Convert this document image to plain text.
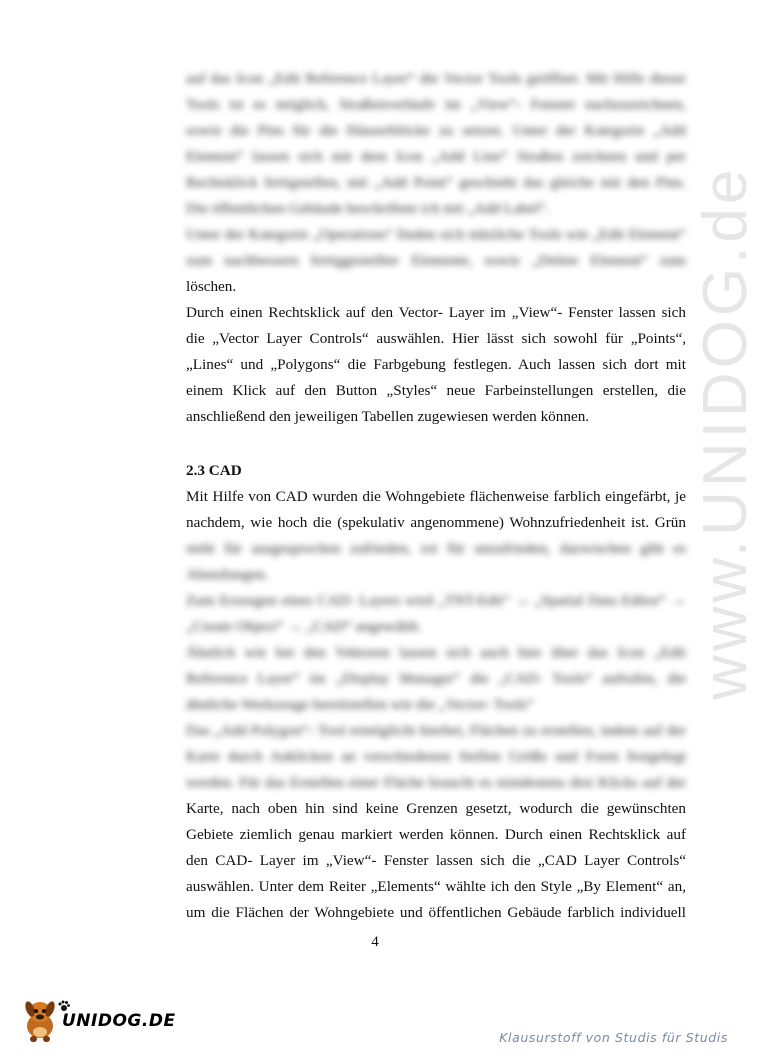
www.UNIDOG.de
auf das Icon „Edit Reference Layer“ die Vector Tools geöffnet. Mit Hilfe dieser
Tools ist es möglich, Straßenverläufe im „View“- Fenster nachzuzeichnen,
sowie die Pins für die Häuserblöcke zu setzen. Unter der Kategorie „Add
Element“ lassen sich mit dem Icon „Add Line“ Straßen zeichnen und per
Rechtsklick fertigstellen, mit „Add Point“ geschieht das gleiche mit den Pins.
Die öffentlichen Gebäude beschriftete ich mit „Add Label“.
Unter der Kategorie „Operations“ finden sich nützliche Tools wie „Edit Element“
zum nachbessern fertiggestellter Elemente, sowie „Delete Element“ zum
löschen.
Durch einen Rechtsklick auf den Vector- Layer im „View“- Fenster lassen sich
die „Vector Layer Controls“ auswählen. Hier lässt sich sowohl für „Points“,
„Lines“ und „Polygons“ die Farbgebung festlegen. Auch lassen sich dort mit
einem Klick auf den Button „Styles“ neue Farbeinstellungen erstellen, die
anschließend den jeweiligen Tabellen zugewiesen werden können.
2.3 CAD
Mit Hilfe von CAD wurden die Wohngebiete flächenweise farblich eingefärbt, je
nachdem, wie hoch die (spekulativ angenommene) Wohnzufriedenheit ist. Grün
steht für ausgesprochen zufrieden, rot für unzufrieden, dazwischen gibt es
Abstufungen.
Zum Erzeugen eines CAD- Layers wird „TNT-Edit“ → „Spatial Data Editor“ →
„Create Object“ → „CAD“ angewählt.
Ähnlich wie bei den Vektoren lassen sich auch hier über das Icon „Edit
Reference Layer“ im „Display Manager“ die „CAD- Tools“ aufrufen, die
ähnliche Werkzeuge bereitstellen wie die „Vector- Tools“
Das „Add Polygon“- Tool ermöglicht hierbei, Flächen zu erstellen, indem auf der
Karte durch Anklicken an verschiedenen Stellen Größe und Form festgelegt
werden. Für das Erstellen einer Fläche braucht es mindestens drei Klicks auf der
Karte, nach oben hin sind keine Grenzen gesetzt, wodurch die gewünschten
Gebiete ziemlich genau markiert werden können. Durch einen Rechtsklick auf
den CAD- Layer im „View“- Fenster lassen sich die „CAD Layer Controls“
auswählen. Unter dem Reiter „Elements“ wählte ich den Style „By Element“ an,
um die Flächen der Wohngebiete und öffentlichen Gebäude farblich individuell
4
UNIDOG.DE
Klausurstoff von Studis für Studis
